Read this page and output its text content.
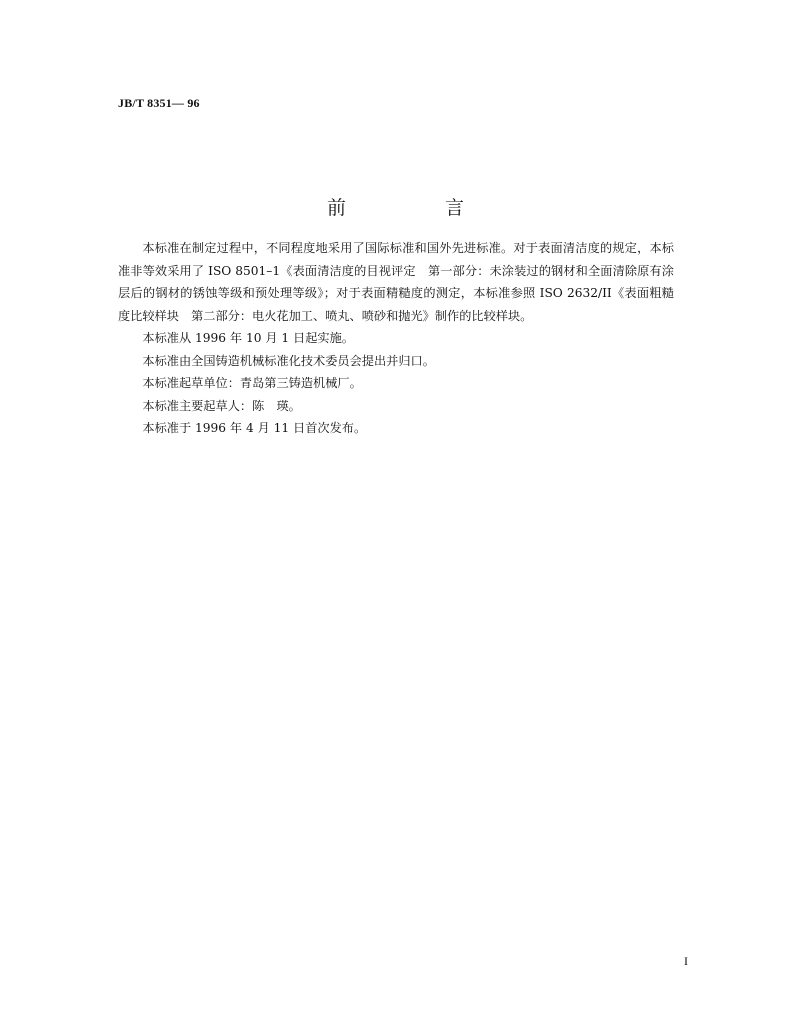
JB/T 8351— 96
前　言

本标准在制定过程中，不同程度地采用了国际标准和国外先进标准。对于表面清洁度的规定，本标准非等效采用了 ISO 8501–1《表面清洁度的目视评定　第一部分：未涂装过的钢材和全面清除原有涂层后的钢材的锈蚀等级和预处理等级》；对于表面精糙度的测定，本标准参照 ISO 2632/II《表面粗糙度比较样块　第二部分：电火花加工、喷丸、喷砂和抛光》制作的比较样块。

本标准从 1996 年 10 月 1 日起实施。

本标准由全国铸造机械标准化技术委员会提出并归口。

本标准起草单位：青岛第三铸造机械厂。

本标准主要起草人：陈　瑛。

本标准于 1996 年 4 月 11 日首次发布。

I
